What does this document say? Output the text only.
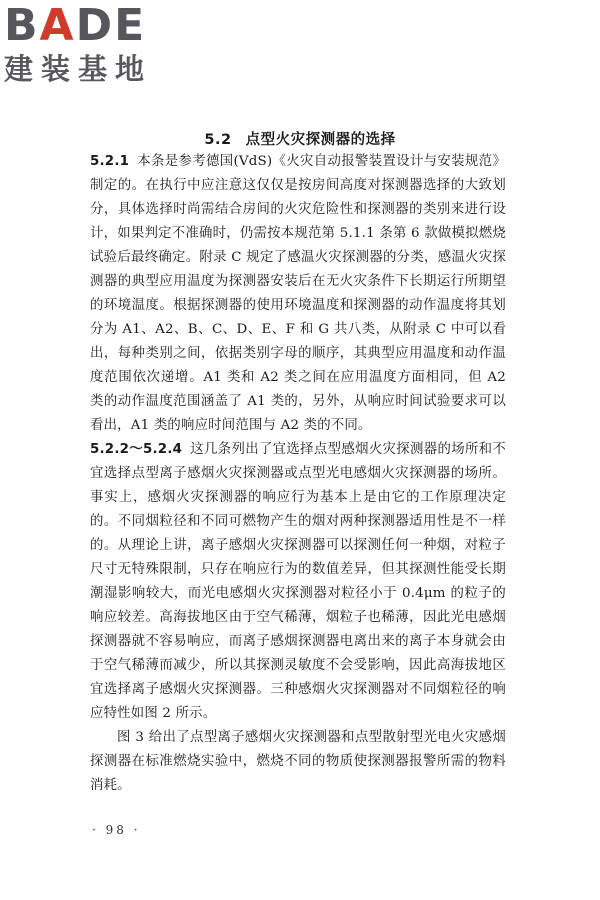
BADE
建装基地
5.2 点型火灾探测器的选择

5.2.1 本条是参考德国(VdS)《火灾自动报警装置设计与安装规范》制定的。在执行中应注意这仅仅是按房间高度对探测器选择的大致划分，具体选择时尚需结合房间的火灾危险性和探测器的类别来进行设计，如果判定不准确时，仍需按本规范第 5.1.1 条第 6 款做模拟燃烧试验后最终确定。附录 C 规定了感温火灾探测器的分类，感温火灾探测器的典型应用温度为探测器安装后在无火灾条件下长期运行所期望的环境温度。根据探测器的使用环境温度和探测器的动作温度将其划分为 A1、A2、B、C、D、E、F 和 G 共八类，从附录 C 中可以看出，每种类别之间，依据类别字母的顺序，其典型应用温度和动作温度范围依次递增。A1 类和 A2 类之间在应用温度方面相同，但 A2 类的动作温度范围涵盖了 A1 类的，另外，从响应时间试验要求可以看出，A1 类的响应时间范围与 A2 类的不同。

5.2.2～5.2.4 这几条列出了宜选择点型感烟火灾探测器的场所和不宜选择点型离子感烟火灾探测器或点型光电感烟火灾探测器的场所。事实上，感烟火灾探测器的响应行为基本上是由它的工作原理决定的。不同烟粒径和不同可燃物产生的烟对两种探测器适用性是不一样的。从理论上讲，离子感烟火灾探测器可以探测任何一种烟，对粒子尺寸无特殊限制，只存在响应行为的数值差异，但其探测性能受长期潮湿影响较大，而光电感烟火灾探测器对粒径小于 0.4μm 的粒子的响应较差。高海拔地区由于空气稀薄，烟粒子也稀薄，因此光电感烟探测器就不容易响应，而离子感烟探测器电离出来的离子本身就会由于空气稀薄而减少，所以其探测灵敏度不会受影响，因此高海拔地区宜选择离子感烟火灾探测器。三种感烟火灾探测器对不同烟粒径的响应特性如图 2 所示。

图 3 给出了点型离子感烟火灾探测器和点型散射型光电火灾感烟探测器在标准燃烧实验中，燃烧不同的物质使探测器报警所需的物料消耗。

· 98 ·
